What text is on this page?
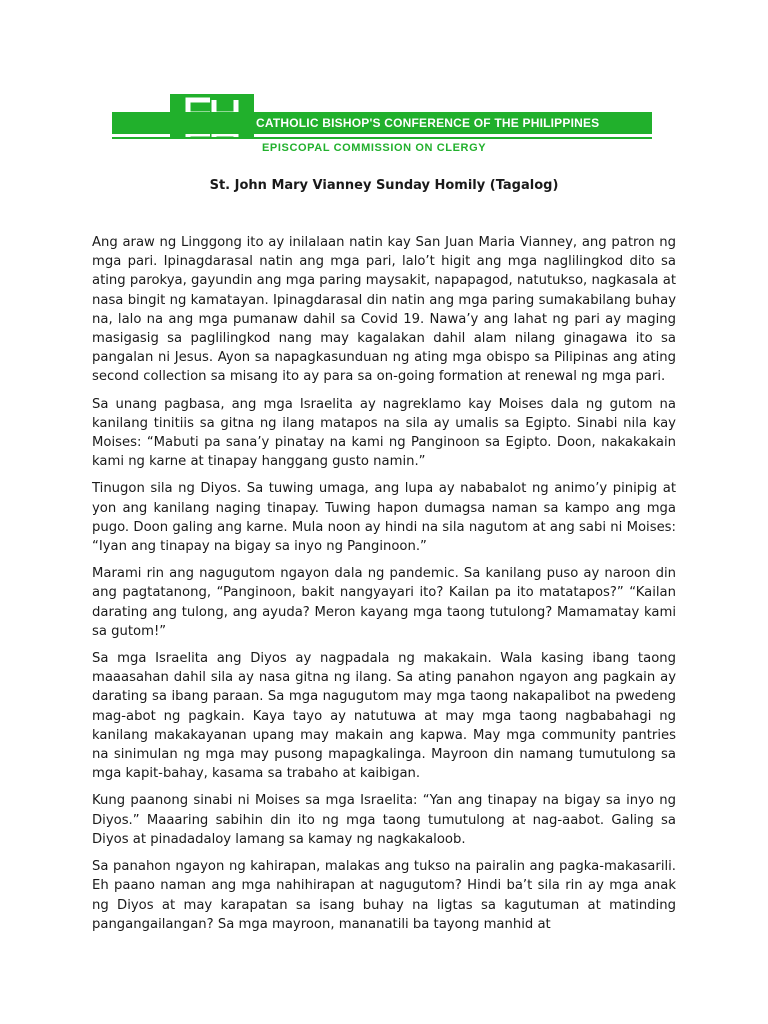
CATHOLIC BISHOP'S CONFERENCE OF THE PHILIPPINES
EPISCOPAL COMMISSION ON CLERGY
St. John Mary Vianney Sunday Homily (Tagalog)

Ang araw ng Linggong ito ay inilalaan natin kay San Juan Maria Vianney, ang patron ng mga pari. Ipinagdarasal natin ang mga pari, lalo’t higit ang mga naglilingkod dito sa ating parokya, gayundin ang mga paring maysakit, napapagod, natutukso, nagkasala at nasa bingit ng kamatayan. Ipinagdarasal din natin ang mga paring sumakabilang buhay na, lalo na ang mga pumanaw dahil sa Covid 19. Nawa’y ang lahat ng pari ay maging masigasig sa paglilingkod nang may kagalakan dahil alam nilang ginagawa ito sa pangalan ni Jesus. Ayon sa napagkasunduan ng ating mga obispo sa Pilipinas ang ating second collection sa misang ito ay para sa on-going formation at renewal ng mga pari.

Sa unang pagbasa, ang mga Israelita ay nagreklamo kay Moises dala ng gutom na kanilang tinitiis sa gitna ng ilang matapos na sila ay umalis sa Egipto. Sinabi nila kay Moises: “Mabuti pa sana’y pinatay na kami ng Panginoon sa Egipto. Doon, nakakakain kami ng karne at tinapay hanggang gusto namin.”

Tinugon sila ng Diyos. Sa tuwing umaga, ang lupa ay nababalot ng animo’y pinipig at yon ang kanilang naging tinapay. Tuwing hapon dumagsa naman sa kampo ang mga pugo. Doon galing ang karne. Mula noon ay hindi na sila nagutom at ang sabi ni Moises: “Iyan ang tinapay na bigay sa inyo ng Panginoon.”

Marami rin ang nagugutom ngayon dala ng pandemic. Sa kanilang puso ay naroon din ang pagtatanong, “Panginoon, bakit nangyayari ito? Kailan pa ito matatapos?” “Kailan darating ang tulong, ang ayuda? Meron kayang mga taong tutulong? Mamamatay kami sa gutom!”

Sa mga Israelita ang Diyos ay nagpadala ng makakain. Wala kasing ibang taong maaasahan dahil sila ay nasa gitna ng ilang. Sa ating panahon ngayon ang pagkain ay darating sa ibang paraan. Sa mga nagugutom may mga taong nakapalibot na pwedeng mag-abot ng pagkain. Kaya tayo ay natutuwa at may mga taong nagbabahagi ng kanilang makakayanan upang may makain ang kapwa. May mga community pantries na sinimulan ng mga may pusong mapagkalinga. Mayroon din namang tumutulong sa mga kapit-bahay, kasama sa trabaho at kaibigan.

Kung paanong sinabi ni Moises sa mga Israelita: “Yan ang tinapay na bigay sa inyo ng Diyos.” Maaaring sabihin din ito ng mga taong tumutulong at nag-aabot. Galing sa Diyos at pinadadaloy lamang sa kamay ng nagkakaloob.

Sa panahon ngayon ng kahirapan, malakas ang tukso na pairalin ang pagka-makasarili. Eh paano naman ang mga nahihirapan at nagugutom? Hindi ba’t sila rin ay mga anak ng Diyos at may karapatan sa isang buhay na ligtas sa kagutuman at matinding pangangailangan? Sa mga mayroon, mananatili ba tayong manhid at
